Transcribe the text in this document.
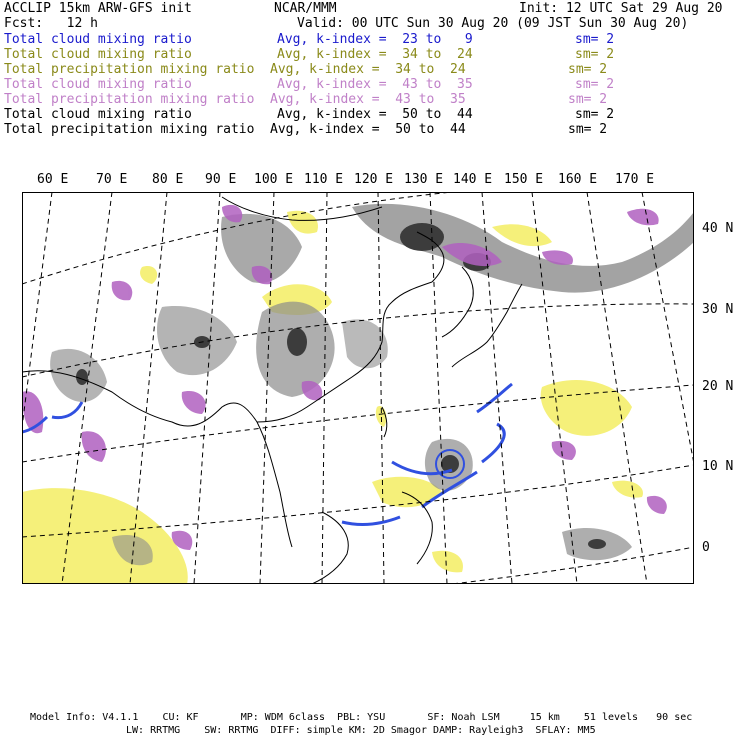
ACCLIP 15km ARW-GFS init	NCAR/MMM	Init: 12 UTC Sat 29 Aug 20
Fcst:   12 h	Valid: 00 UTC Sun 30 Aug 20 (09 JST Sun 30 Aug 20)
Total cloud mixing ratio	Avg, k-index =  23 to   9	sm= 2
Total cloud mixing ratio	Avg, k-index =  34 to  24	sm= 2
Total precipitation mixing ratio Avg, k-index =  34 to  24	sm= 2
Total cloud mixing ratio	Avg, k-index =  43 to  35	sm= 2
Total precipitation mixing ratio Avg, k-index =  43 to  35	sm= 2
Total cloud mixing ratio	Avg, k-index =  50 to  44	sm= 2
Total precipitation mixing ratio Avg, k-index =  50 to  44	sm= 2
60 E 70 E 80 E 90 E 100 E 110 E 120 E 130 E 140 E 150 E 160 E 170 E
40 N
30 N
20 N
10 N
0
Model Info: V4.1.1    CU: KF       MP: WDM 6class  PBL: YSU       SF: Noah LSM     15 km    51 levels   90 sec
LW: RRTMG    SW: RRTMG  DIFF: simple KM: 2D Smagor DAMP: Rayleigh3  SFLAY: MM5
